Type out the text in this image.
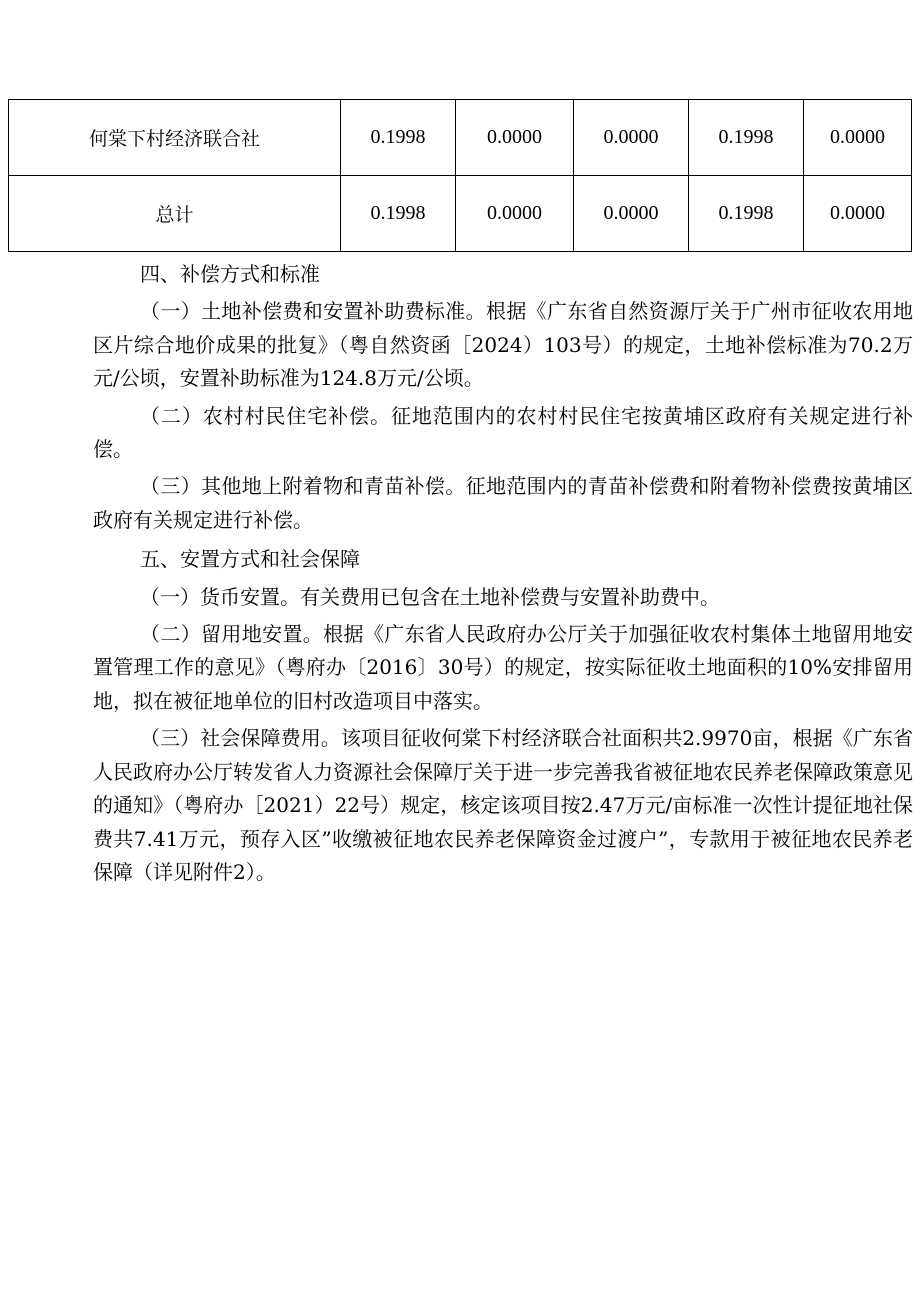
何棠下村经济联合社	0.1998	0.0000	0.0000	0.1998	0.0000
总计	0.1998	0.0000	0.0000	0.1998	0.0000

四、补偿方式和标准

（一）土地补偿费和安置补助费标准。根据《广东省自然资源厅关于广州市征收农用地区片综合地价成果的批复》（粤自然资函［2024）103号）的规定，土地补偿标准为70.2万元/公顷，安置补助标准为124.8万元/公顷。

（二）农村村民住宅补偿。征地范围内的农村村民住宅按黄埔区政府有关规定进行补偿。

（三）其他地上附着物和青苗补偿。征地范围内的青苗补偿费和附着物补偿费按黄埔区政府有关规定进行补偿。

五、安置方式和社会保障

（一）货币安置。有关费用已包含在土地补偿费与安置补助费中。

（二）留用地安置。根据《广东省人民政府办公厅关于加强征收农村集体土地留用地安置管理工作的意见》（粤府办〔2016〕30号）的规定，按实际征收土地面积的10%安排留用地，拟在被征地单位的旧村改造项目中落实。

（三）社会保障费用。该项目征收何棠下村经济联合社面积共2.9970亩，根据《广东省人民政府办公厅转发省人力资源社会保障厅关于进一步完善我省被征地农民养老保障政策意见的通知》（粤府办［2021）22号）规定，核定该项目按2.47万元/亩标准一次性计提征地社保费共7.41万元，预存入区”收缴被征地农民养老保障资金过渡户”，专款用于被征地农民养老保障（详见附件2）。
